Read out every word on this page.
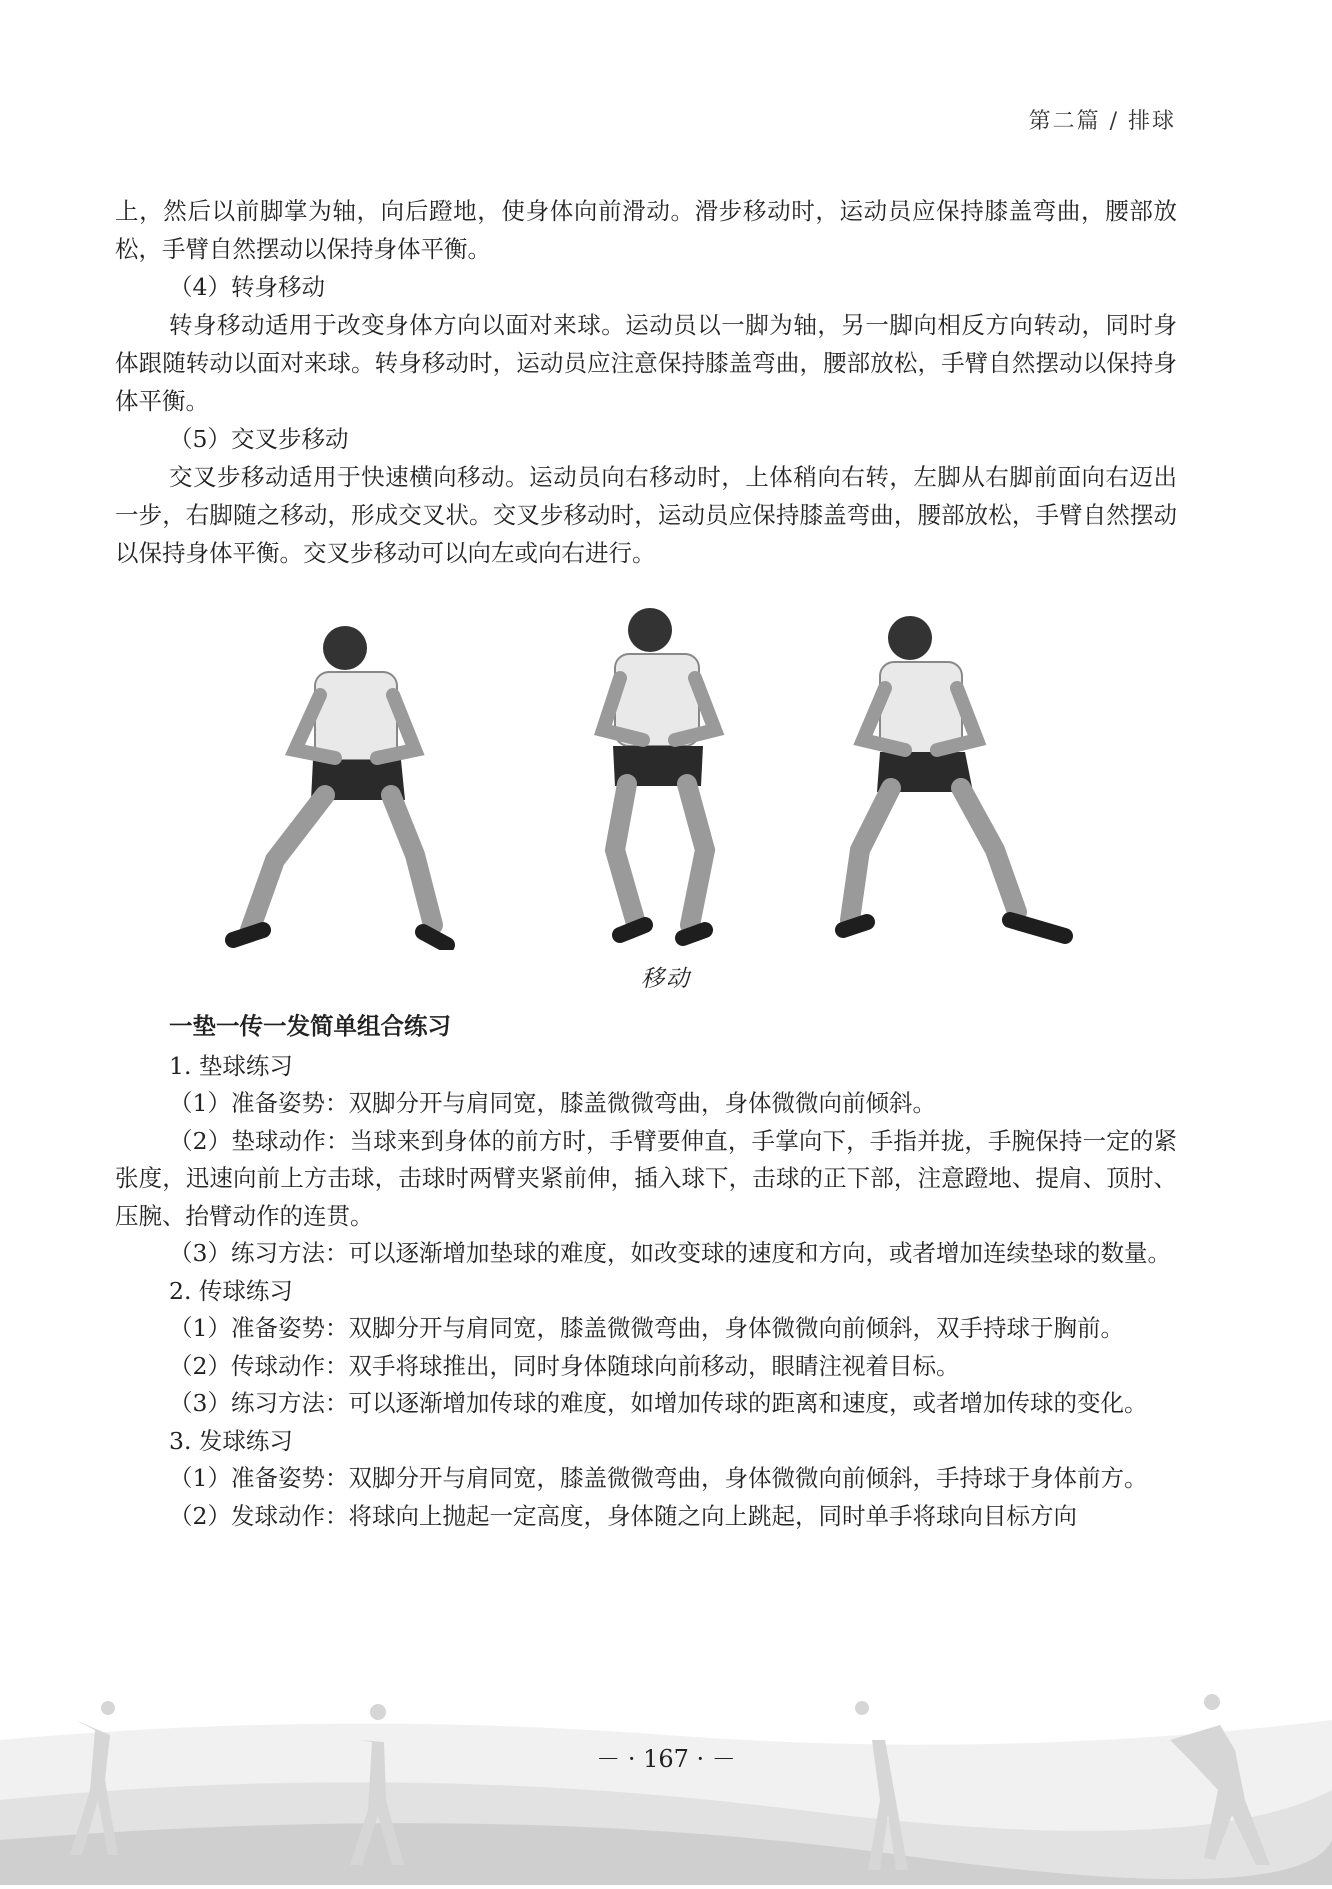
第二篇 / 排球

上，然后以前脚掌为轴，向后蹬地，使身体向前滑动。滑步移动时，运动员应保持膝盖弯曲，腰部放松，手臂自然摆动以保持身体平衡。

（4）转身移动

转身移动适用于改变身体方向以面对来球。运动员以一脚为轴，另一脚向相反方向转动，同时身体跟随转动以面对来球。转身移动时，运动员应注意保持膝盖弯曲，腰部放松，手臂自然摆动以保持身体平衡。

（5）交叉步移动

交叉步移动适用于快速横向移动。运动员向右移动时，上体稍向右转，左脚从右脚前面向右迈出一步，右脚随之移动，形成交叉状。交叉步移动时，运动员应保持膝盖弯曲，腰部放松，手臂自然摆动以保持身体平衡。交叉步移动可以向左或向右进行。

移动

一垫一传一发简单组合练习

1. 垫球练习

（1）准备姿势：双脚分开与肩同宽，膝盖微微弯曲，身体微微向前倾斜。

（2）垫球动作：当球来到身体的前方时，手臂要伸直，手掌向下，手指并拢，手腕保持一定的紧张度，迅速向前上方击球，击球时两臂夹紧前伸，插入球下，击球的正下部，注意蹬地、提肩、顶肘、压腕、抬臂动作的连贯。

（3）练习方法：可以逐渐增加垫球的难度，如改变球的速度和方向，或者增加连续垫球的数量。

2. 传球练习

（1）准备姿势：双脚分开与肩同宽，膝盖微微弯曲，身体微微向前倾斜，双手持球于胸前。

（2）传球动作：双手将球推出，同时身体随球向前移动，眼睛注视着目标。

（3）练习方法：可以逐渐增加传球的难度，如增加传球的距离和速度，或者增加传球的变化。

3. 发球练习

（1）准备姿势：双脚分开与肩同宽，膝盖微微弯曲，身体微微向前倾斜，手持球于身体前方。

（2）发球动作：将球向上抛起一定高度，身体随之向上跳起，同时单手将球向目标方向

－ · 167 · －
